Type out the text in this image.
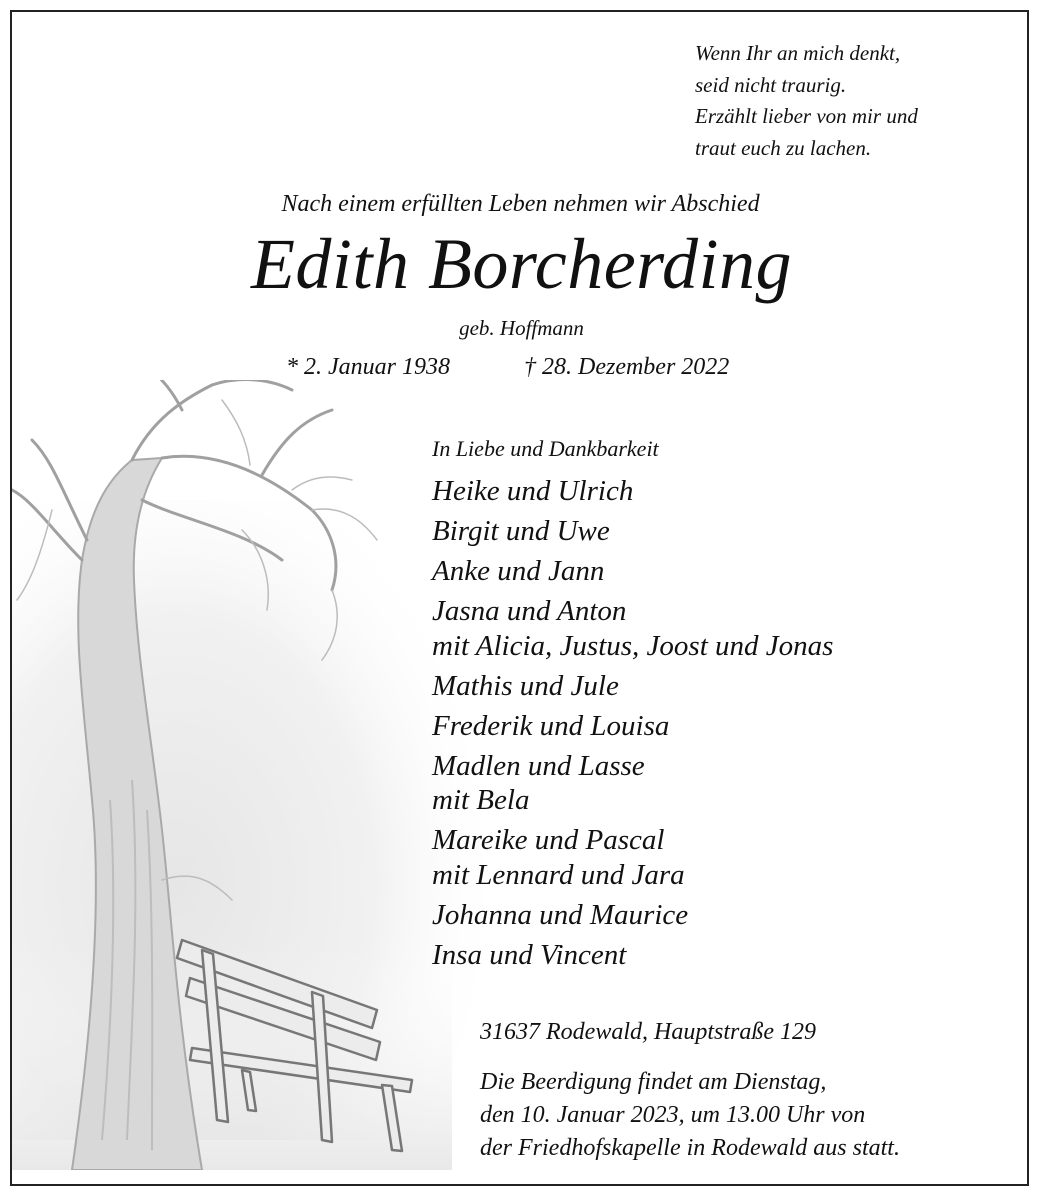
Wenn Ihr an mich denkt,
seid nicht traurig.
Erzählt lieber von mir und
traut euch zu lachen.
Nach einem erfüllten Leben nehmen wir Abschied
Edith Borcherding
geb. Hoffmann
* 2. Januar 1938	† 28. Dezember 2022
In Liebe und Dankbarkeit
Heike und Ulrich
Birgit und Uwe
Anke und Jann
Jasna und Anton
mit Alicia, Justus, Joost und Jonas
Mathis und Jule
Frederik und Louisa
Madlen und Lasse
mit Bela
Mareike und Pascal
mit Lennard und Jara
Johanna und Maurice
Insa und Vincent
31637 Rodewald, Hauptstraße 129
Die Beerdigung findet am Dienstag,
den 10. Januar 2023, um 13.00 Uhr von
der Friedhofskapelle in Rodewald aus statt.
